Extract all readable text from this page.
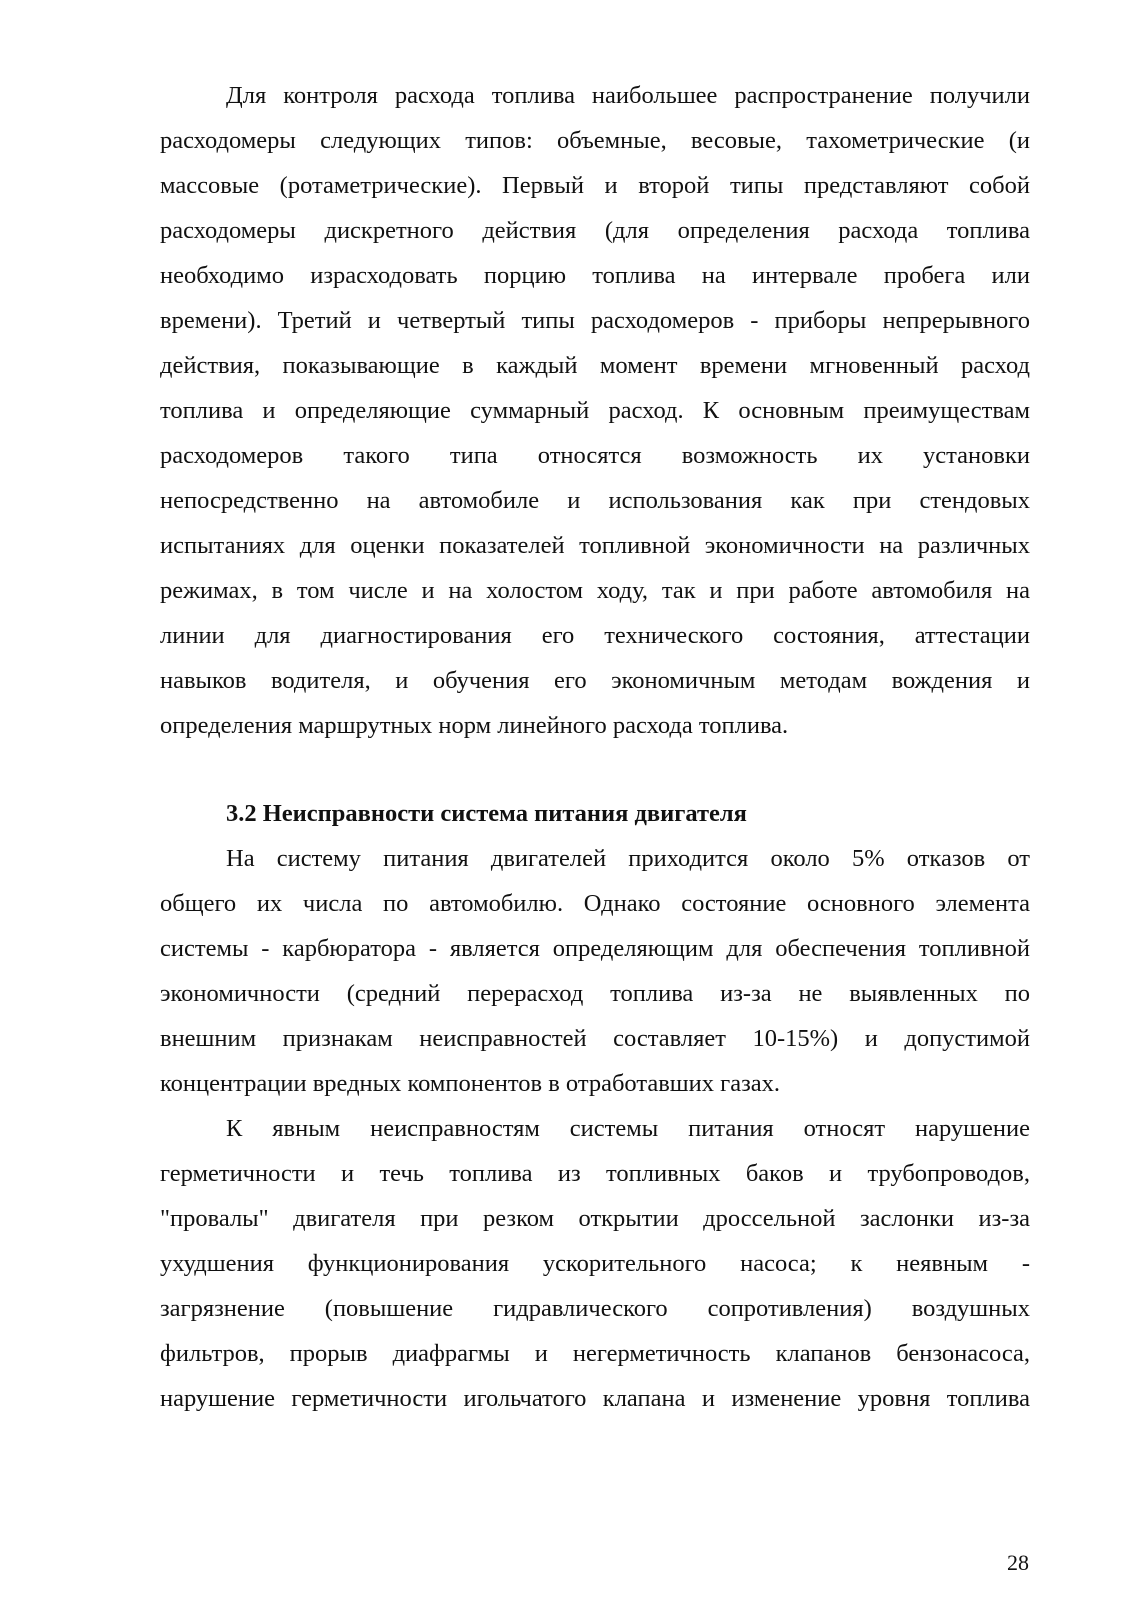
Для контроля расхода топлива наибольшее распространение получили
расходомеры следующих типов: объемные, весовые, тахометрические (и
массовые (ротаметрические). Первый и второй типы представляют собой
расходомеры дискретного действия (для определения расхода топлива
необходимо израсходовать порцию топлива на интервале пробега или
времени). Третий и четвертый типы расходомеров - приборы непрерывного
действия, показывающие в каждый момент времени мгновенный расход
топлива и определяющие суммарный расход. К основным преимуществам
расходомеров такого типа относятся возможность их установки
непосредственно на автомобиле и использования как при стендовых
испытаниях для оценки показателей топливной экономичности на различных
режимах, в том числе и на холостом ходу, так и при работе автомобиля на
линии для диагностирования его технического состояния, аттестации
навыков водителя, и обучения его экономичным методам вождения и
определения маршрутных норм линейного расхода топлива.
3.2 Неисправности система питания двигателя
На систему питания двигателей приходится около 5% отказов от
общего их числа по автомобилю. Однако состояние основного элемента
системы - карбюратора - является определяющим для обеспечения топливной
экономичности (средний перерасход топлива из-за не выявленных по
внешним признакам неисправностей составляет 10-15%) и допустимой
концентрации вредных компонентов в отработавших газах.
К явным неисправностям системы питания относят нарушение
герметичности и течь топлива из топливных баков и трубопроводов,
"провалы" двигателя при резком открытии дроссельной заслонки из-за
ухудшения функционирования ускорительного насоса; к неявным -
загрязнение (повышение гидравлического сопротивления) воздушных
фильтров, прорыв диафрагмы и негерметичность клапанов бензонасоса,
нарушение герметичности игольчатого клапана и изменение уровня топлива
28
